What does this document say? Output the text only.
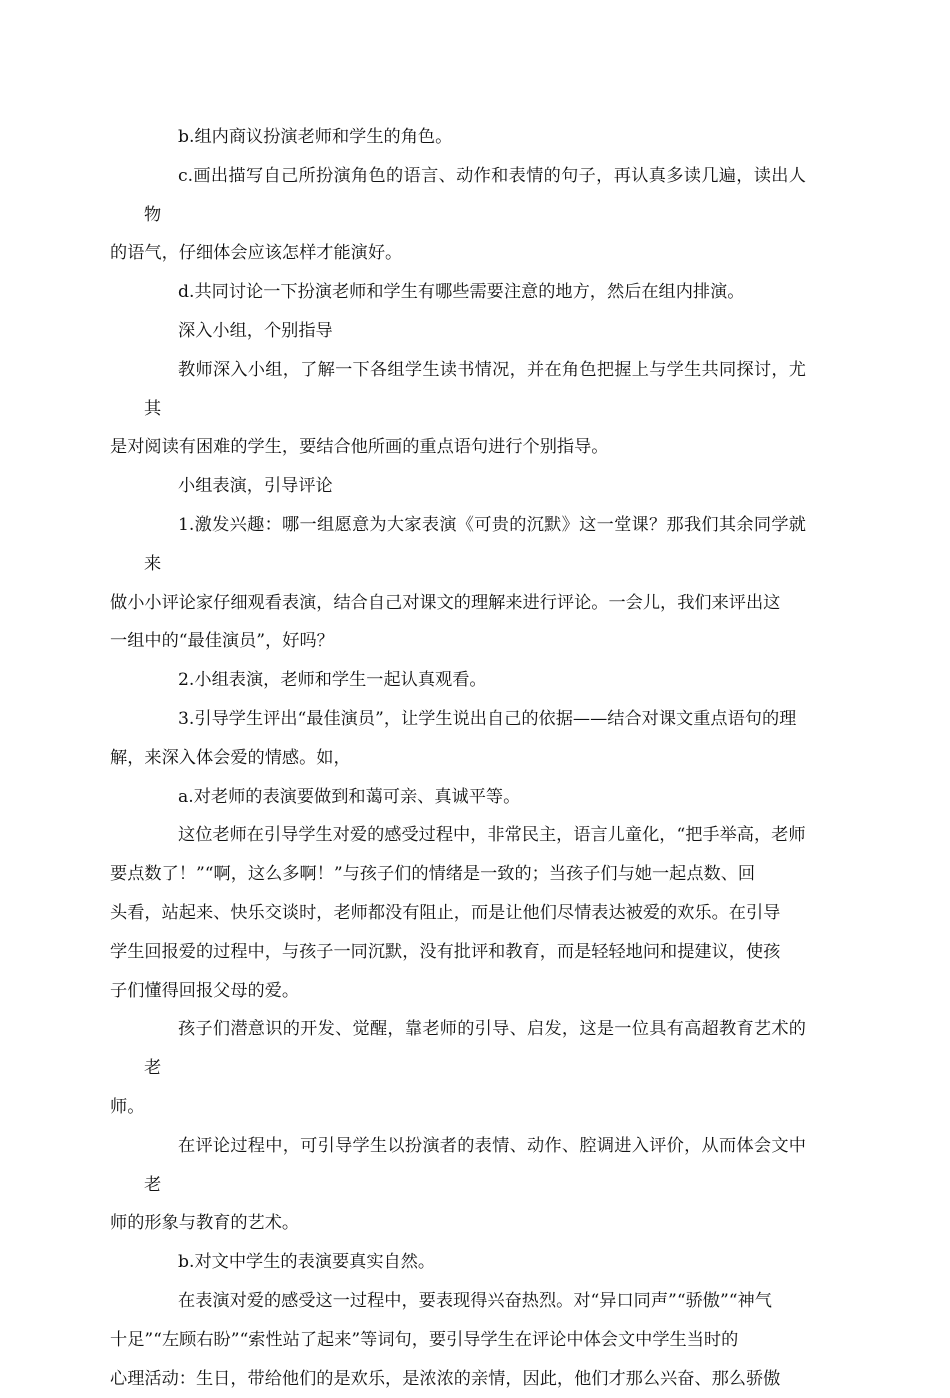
b.组内商议扮演老师和学生的角色。

c.画出描写自己所扮演角色的语言、动作和表情的句子，再认真多读几遍，读出人物
的语气，仔细体会应该怎样才能演好。

d.共同讨论一下扮演老师和学生有哪些需要注意的地方，然后在组内排演。

深入小组，个别指导

教师深入小组，了解一下各组学生读书情况，并在角色把握上与学生共同探讨，尤其
是对阅读有困难的学生，要结合他所画的重点语句进行个别指导。

小组表演，引导评论

1.激发兴趣：哪一组愿意为大家表演《可贵的沉默》这一堂课？那我们其余同学就来
做小小评论家仔细观看表演，结合自己对课文的理解来进行评论。一会儿，我们来评出这
一组中的“最佳演员”，好吗？

2.小组表演，老师和学生一起认真观看。

3.引导学生评出“最佳演员”，让学生说出自己的依据——结合对课文重点语句的理
解，来深入体会爱的情感。如，

a.对老师的表演要做到和蔼可亲、真诚平等。

这位老师在引导学生对爱的感受过程中，非常民主，语言儿童化，“把手举高，老师
要点数了！”“啊，这么多啊！”与孩子们的情绪是一致的；当孩子们与她一起点数、回
头看，站起来、快乐交谈时，老师都没有阻止，而是让他们尽情表达被爱的欢乐。在引导
学生回报爱的过程中，与孩子一同沉默，没有批评和教育，而是轻轻地问和提建议，使孩
子们懂得回报父母的爱。

孩子们潜意识的开发、觉醒，靠老师的引导、启发，这是一位具有高超教育艺术的老
师。

在评论过程中，可引导学生以扮演者的表情、动作、腔调进入评价，从而体会文中老
师的形象与教育的艺术。

b.对文中学生的表演要真实自然。

在表演对爱的感受这一过程中，要表现得兴奋热烈。对“异口同声”“骄傲”“神气
十足”“左顾右盼”“索性站了起来”等词句，要引导学生在评论中体会文中学生当时的
心理活动：生日，带给他们的是欢乐，是浓浓的亲情，因此，他们才那么兴奋、那么骄傲
